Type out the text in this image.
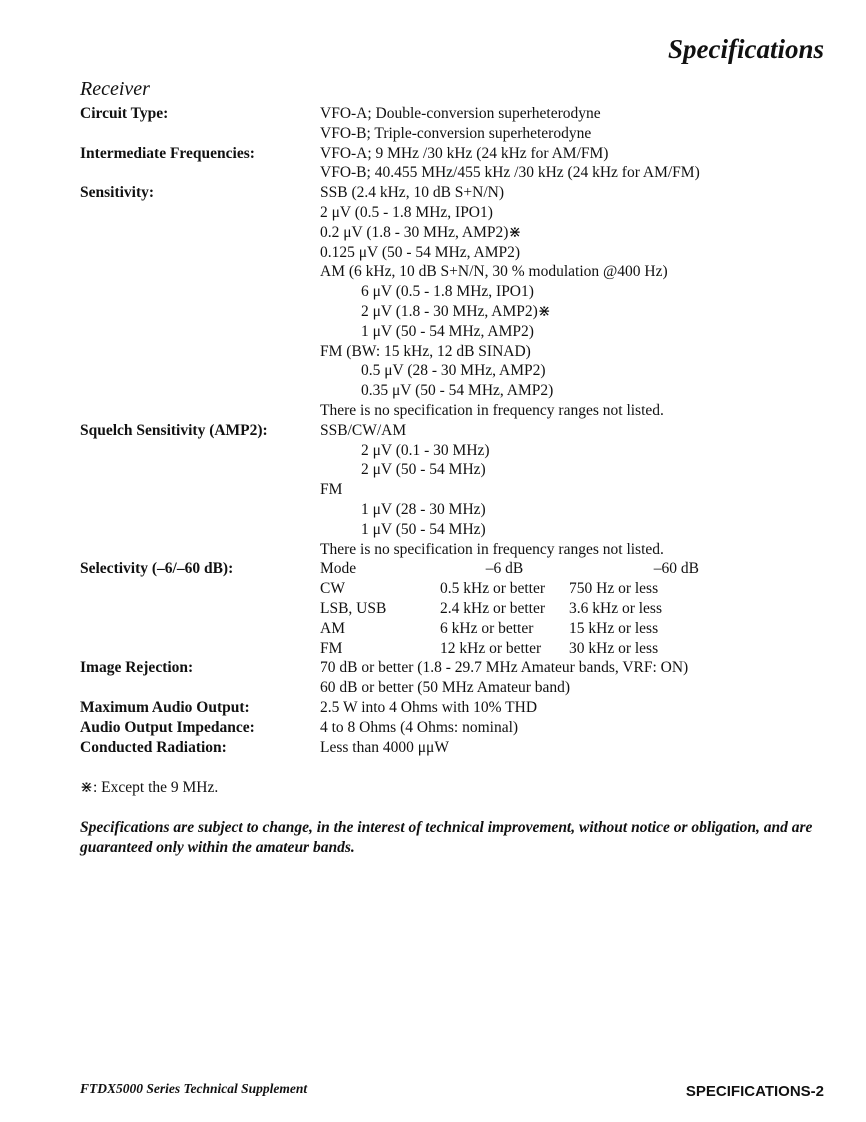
Specifications
Receiver
Circuit Type:	VFO-A; Double-conversion superheterodyne
VFO-B; Triple-conversion superheterodyne
Intermediate Frequencies:	VFO-A; 9 MHz /30 kHz (24 kHz for AM/FM)
VFO-B; 40.455 MHz/455 kHz /30 kHz (24 kHz for AM/FM)
Sensitivity:	SSB (2.4 kHz, 10 dB S+N/N)
2 μV (0.5 - 1.8 MHz, IPO1)
0.2 μV (1.8 - 30 MHz, AMP2)⋇
0.125 μV (50 - 54 MHz, AMP2)
AM (6 kHz, 10 dB S+N/N, 30 % modulation @400 Hz)
6 μV (0.5 - 1.8 MHz, IPO1)
2 μV (1.8 - 30 MHz, AMP2)⋇
1 μV (50 - 54 MHz, AMP2)
FM (BW: 15 kHz, 12 dB SINAD)
0.5 μV (28 - 30 MHz, AMP2)
0.35 μV (50 - 54 MHz, AMP2)
There is no specification in frequency ranges not listed.
Squelch Sensitivity (AMP2):	SSB/CW/AM
2 μV (0.1 - 30 MHz)
2 μV (50 - 54 MHz)
FM
1 μV (28 - 30 MHz)
1 μV (50 - 54 MHz)
There is no specification in frequency ranges not listed.
Selectivity (–6/–60 dB):	Mode	–6 dB	–60 dB
CW	0.5 kHz or better	750 Hz or less
LSB, USB	2.4 kHz or better	3.6 kHz or less
AM	6 kHz or better	15 kHz or less
FM	12 kHz or better	30 kHz or less
Image Rejection:	70 dB or better (1.8 - 29.7 MHz Amateur bands, VRF: ON)
60 dB or better (50 MHz Amateur band)
Maximum Audio Output:	2.5 W into 4 Ohms with 10% THD
Audio Output Impedance:	4 to 8 Ohms (4 Ohms: nominal)
Conducted Radiation:	Less than 4000 μμW

⋇: Except the 9 MHz.

Specifications are subject to change, in the interest of technical improvement, without notice or obligation, and are guaranteed only within the amateur bands.

FTDX5000 Series Technical Supplement	SPECIFICATIONS-2
